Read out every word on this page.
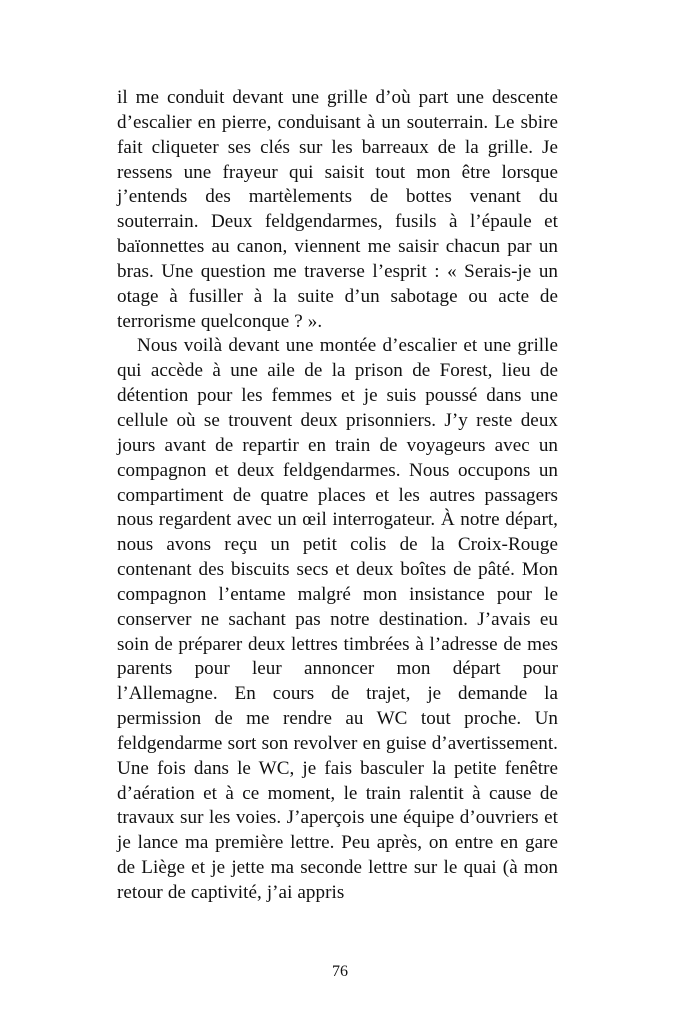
il me conduit devant une grille d’où part une descente d’escalier en pierre, conduisant à un souterrain. Le sbire fait cliqueter ses clés sur les barreaux de la grille. Je ressens une frayeur qui saisit tout mon être lorsque j’entends des martèlements de bottes venant du souterrain. Deux feldgendarmes, fusils à l’épaule et baïonnettes au canon, viennent me saisir chacun par un bras. Une question me traverse l’esprit : « Serais-je un otage à fusiller à la suite d’un sabotage ou acte de terrorisme quelconque ? ».

Nous voilà devant une montée d’escalier et une grille qui accède à une aile de la prison de Forest, lieu de détention pour les femmes et je suis poussé dans une cellule où se trouvent deux prisonniers. J’y reste deux jours avant de repartir en train de voyageurs avec un compagnon et deux feldgendarmes. Nous occupons un compartiment de quatre places et les autres passagers nous regardent avec un œil interrogateur. À notre départ, nous avons reçu un petit colis de la Croix-Rouge contenant des biscuits secs et deux boîtes de pâté. Mon compagnon l’entame malgré mon insistance pour le conserver ne sachant pas notre destination. J’avais eu soin de préparer deux lettres timbrées à l’adresse de mes parents pour leur annoncer mon départ pour l’Allemagne. En cours de trajet, je demande la permission de me rendre au WC tout proche. Un feldgendarme sort son revolver en guise d’avertissement. Une fois dans le WC, je fais basculer la petite fenêtre d’aération et à ce moment, le train ralentit à cause de travaux sur les voies. J’aperçois une équipe d’ouvriers et je lance ma première lettre. Peu après, on entre en gare de Liège et je jette ma seconde lettre sur le quai (à mon retour de captivité, j’ai appris

76
